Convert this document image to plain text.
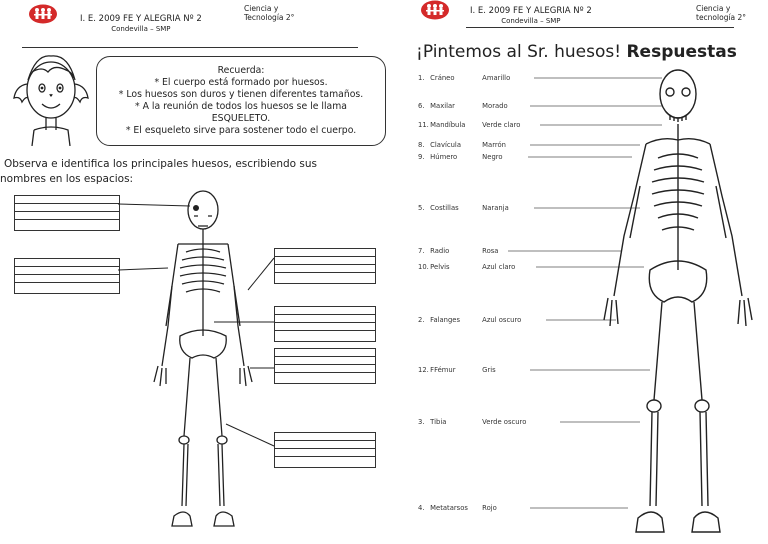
I. E. 2009 FE Y ALEGRIA Nº 2
Condevilla – SMP
Ciencia y
Tecnología 2°
Recuerda:
* El cuerpo está formado por huesos.
* Los huesos son duros y tienen diferentes tamaños.
* A la reunión de todos los huesos se le llama
ESQUELETO.
* El esqueleto sirve para sostener todo el cuerpo.
Observa e identifica los principales huesos, escribiendo sus
nombres en los espacios:
I. E. 2009 FE Y ALEGRIA Nº 2
Condevilla – SMP
Ciencia y
tecnología 2°
¡Pintemos al Sr. huesos! Respuestas
1. Cráneo	Amarillo
6. Maxilar	Morado
11. Mandíbula Verde claro
8. Clavícula	Marrón
9. Húmero	Negro
5. Costillas	Naranja
7. Radio	Rosa
10. Pelvis	Azul claro
2. Falanges	Azul oscuro
12. FFémur	Gris
3. Tibia	Verde oscuro
4. Metatarsos Rojo
